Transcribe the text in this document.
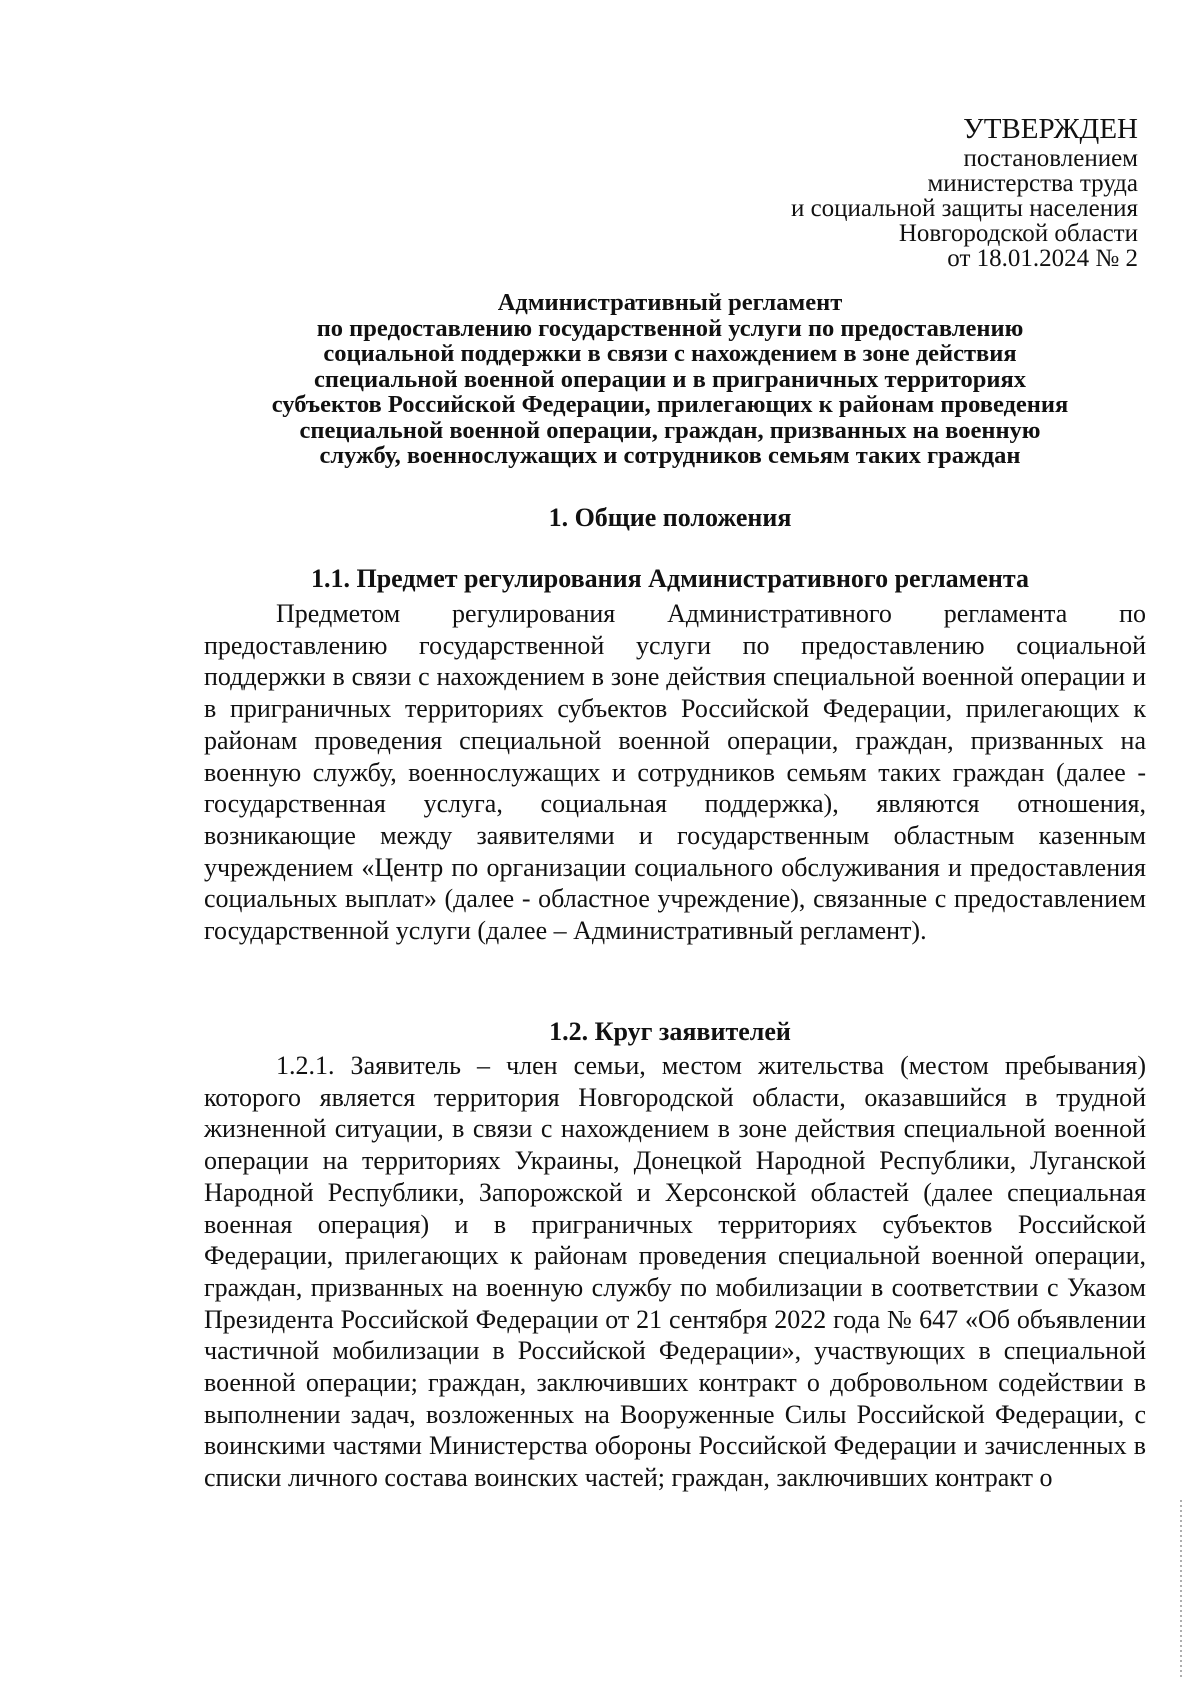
УТВЕРЖДЕН
постановлением
министерства труда
и социальной защиты населения
Новгородской области
от 18.01.2024 № 2
Административный регламент
по предоставлению государственной услуги по предоставлению
социальной поддержки в связи с нахождением в зоне действия
специальной военной операции и в приграничных территориях
субъектов Российской Федерации, прилегающих к районам проведения
специальной военной операции, граждан, призванных на военную
службу, военнослужащих и сотрудников семьям таких граждан
1. Общие положения
1.1. Предмет регулирования Административного регламента
Предметом регулирования Административного регламента по предоставлению государственной услуги по предоставлению социальной поддержки в связи с нахождением в зоне действия специальной военной операции и в приграничных территориях субъектов Российской Федерации, прилегающих к районам проведения специальной военной операции, граждан, призванных на военную службу, военнослужащих и сотрудников семьям таких граждан (далее - государственная услуга, социальная поддержка), являются отношения, возникающие между заявителями и государственным областным казенным учреждением «Центр по организации социального обслуживания и предоставления социальных выплат» (далее - областное учреждение), связанные с предоставлением государственной услуги (далее – Административный регламент).
1.2. Круг заявителей
1.2.1. Заявитель – член семьи, местом жительства (местом пребывания) которого является территория Новгородской области, оказавшийся в трудной жизненной ситуации, в связи с нахождением в зоне действия специальной военной операции на территориях Украины, Донецкой Народной Республики, Луганской Народной Республики, Запорожской и Херсонской областей (далее специальная военная операция) и в приграничных территориях субъектов Российской Федерации, прилегающих к районам проведения специальной военной операции, граждан, призванных на военную службу по мобилизации в соответствии с Указом Президента Российской Федерации от 21 сентября 2022 года № 647 «Об объявлении частичной мобилизации в Российской Федерации», участвующих в специальной военной операции; граждан, заключивших контракт о добровольном содействии в выполнении задач, возложенных на Вооруженные Силы Российской Федерации, с воинскими частями Министерства обороны Российской Федерации и зачисленных в списки личного состава воинских частей; граждан, заключивших контракт о
